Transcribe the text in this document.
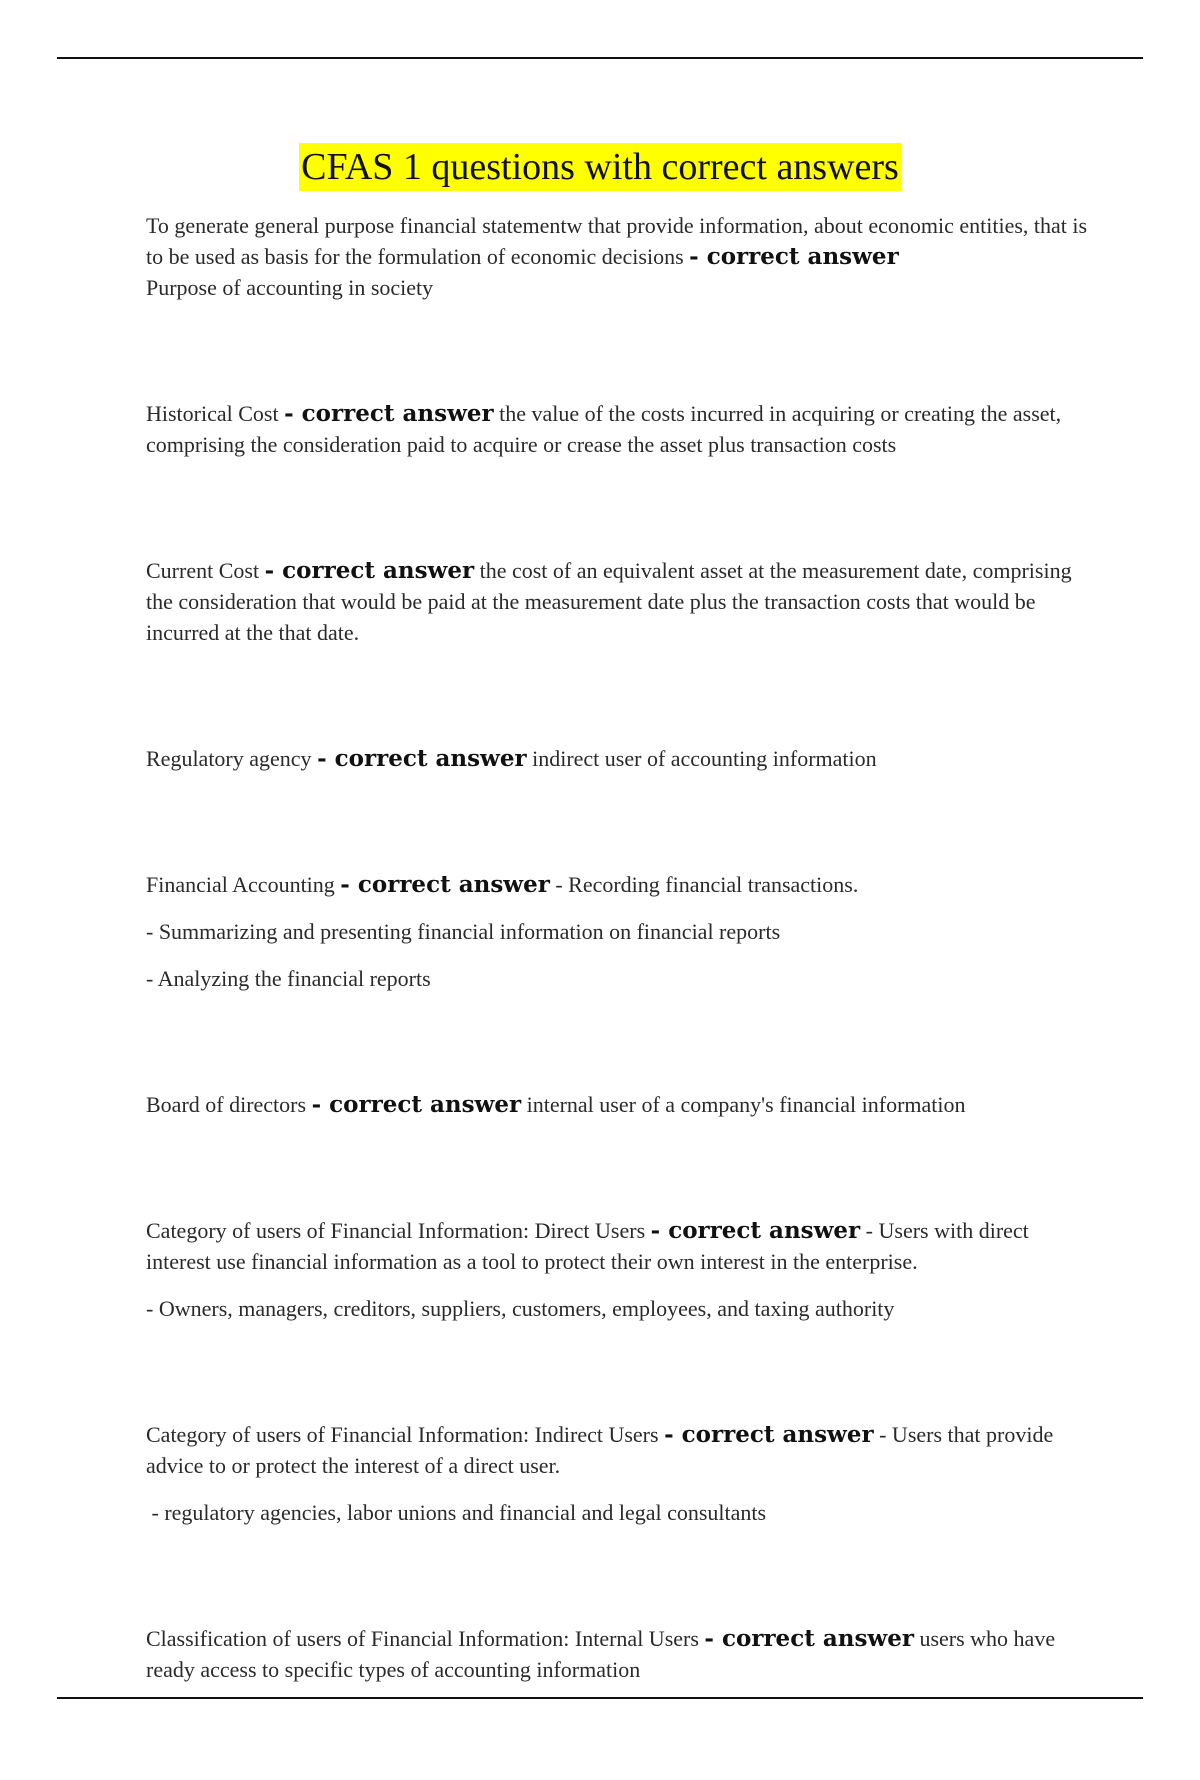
CFAS 1 questions with correct answers

To generate general purpose financial statementw that provide information, about economic entities, that is to be used as basis for the formulation of economic decisions - correct answer
Purpose of accounting in society

Historical Cost - correct answer the value of the costs incurred in acquiring or creating the asset, comprising the consideration paid to acquire or crease the asset plus transaction costs

Current Cost - correct answer the cost of an equivalent asset at the measurement date, comprising the consideration that would be paid at the measurement date plus the transaction costs that would be incurred at the that date.

Regulatory agency - correct answer indirect user of accounting information

Financial Accounting - correct answer - Recording financial transactions.

- Summarizing and presenting financial information on financial reports

- Analyzing the financial reports

Board of directors - correct answer internal user of a company's financial information

Category of users of Financial Information: Direct Users - correct answer - Users with direct interest use financial information as a tool to protect their own interest in the enterprise.

- Owners, managers, creditors, suppliers, customers, employees, and taxing authority

Category of users of Financial Information: Indirect Users - correct answer - Users that provide advice to or protect the interest of a direct user.

- regulatory agencies, labor unions and financial and legal consultants

Classification of users of Financial Information: Internal Users - correct answer users who have ready access to specific types of accounting information
